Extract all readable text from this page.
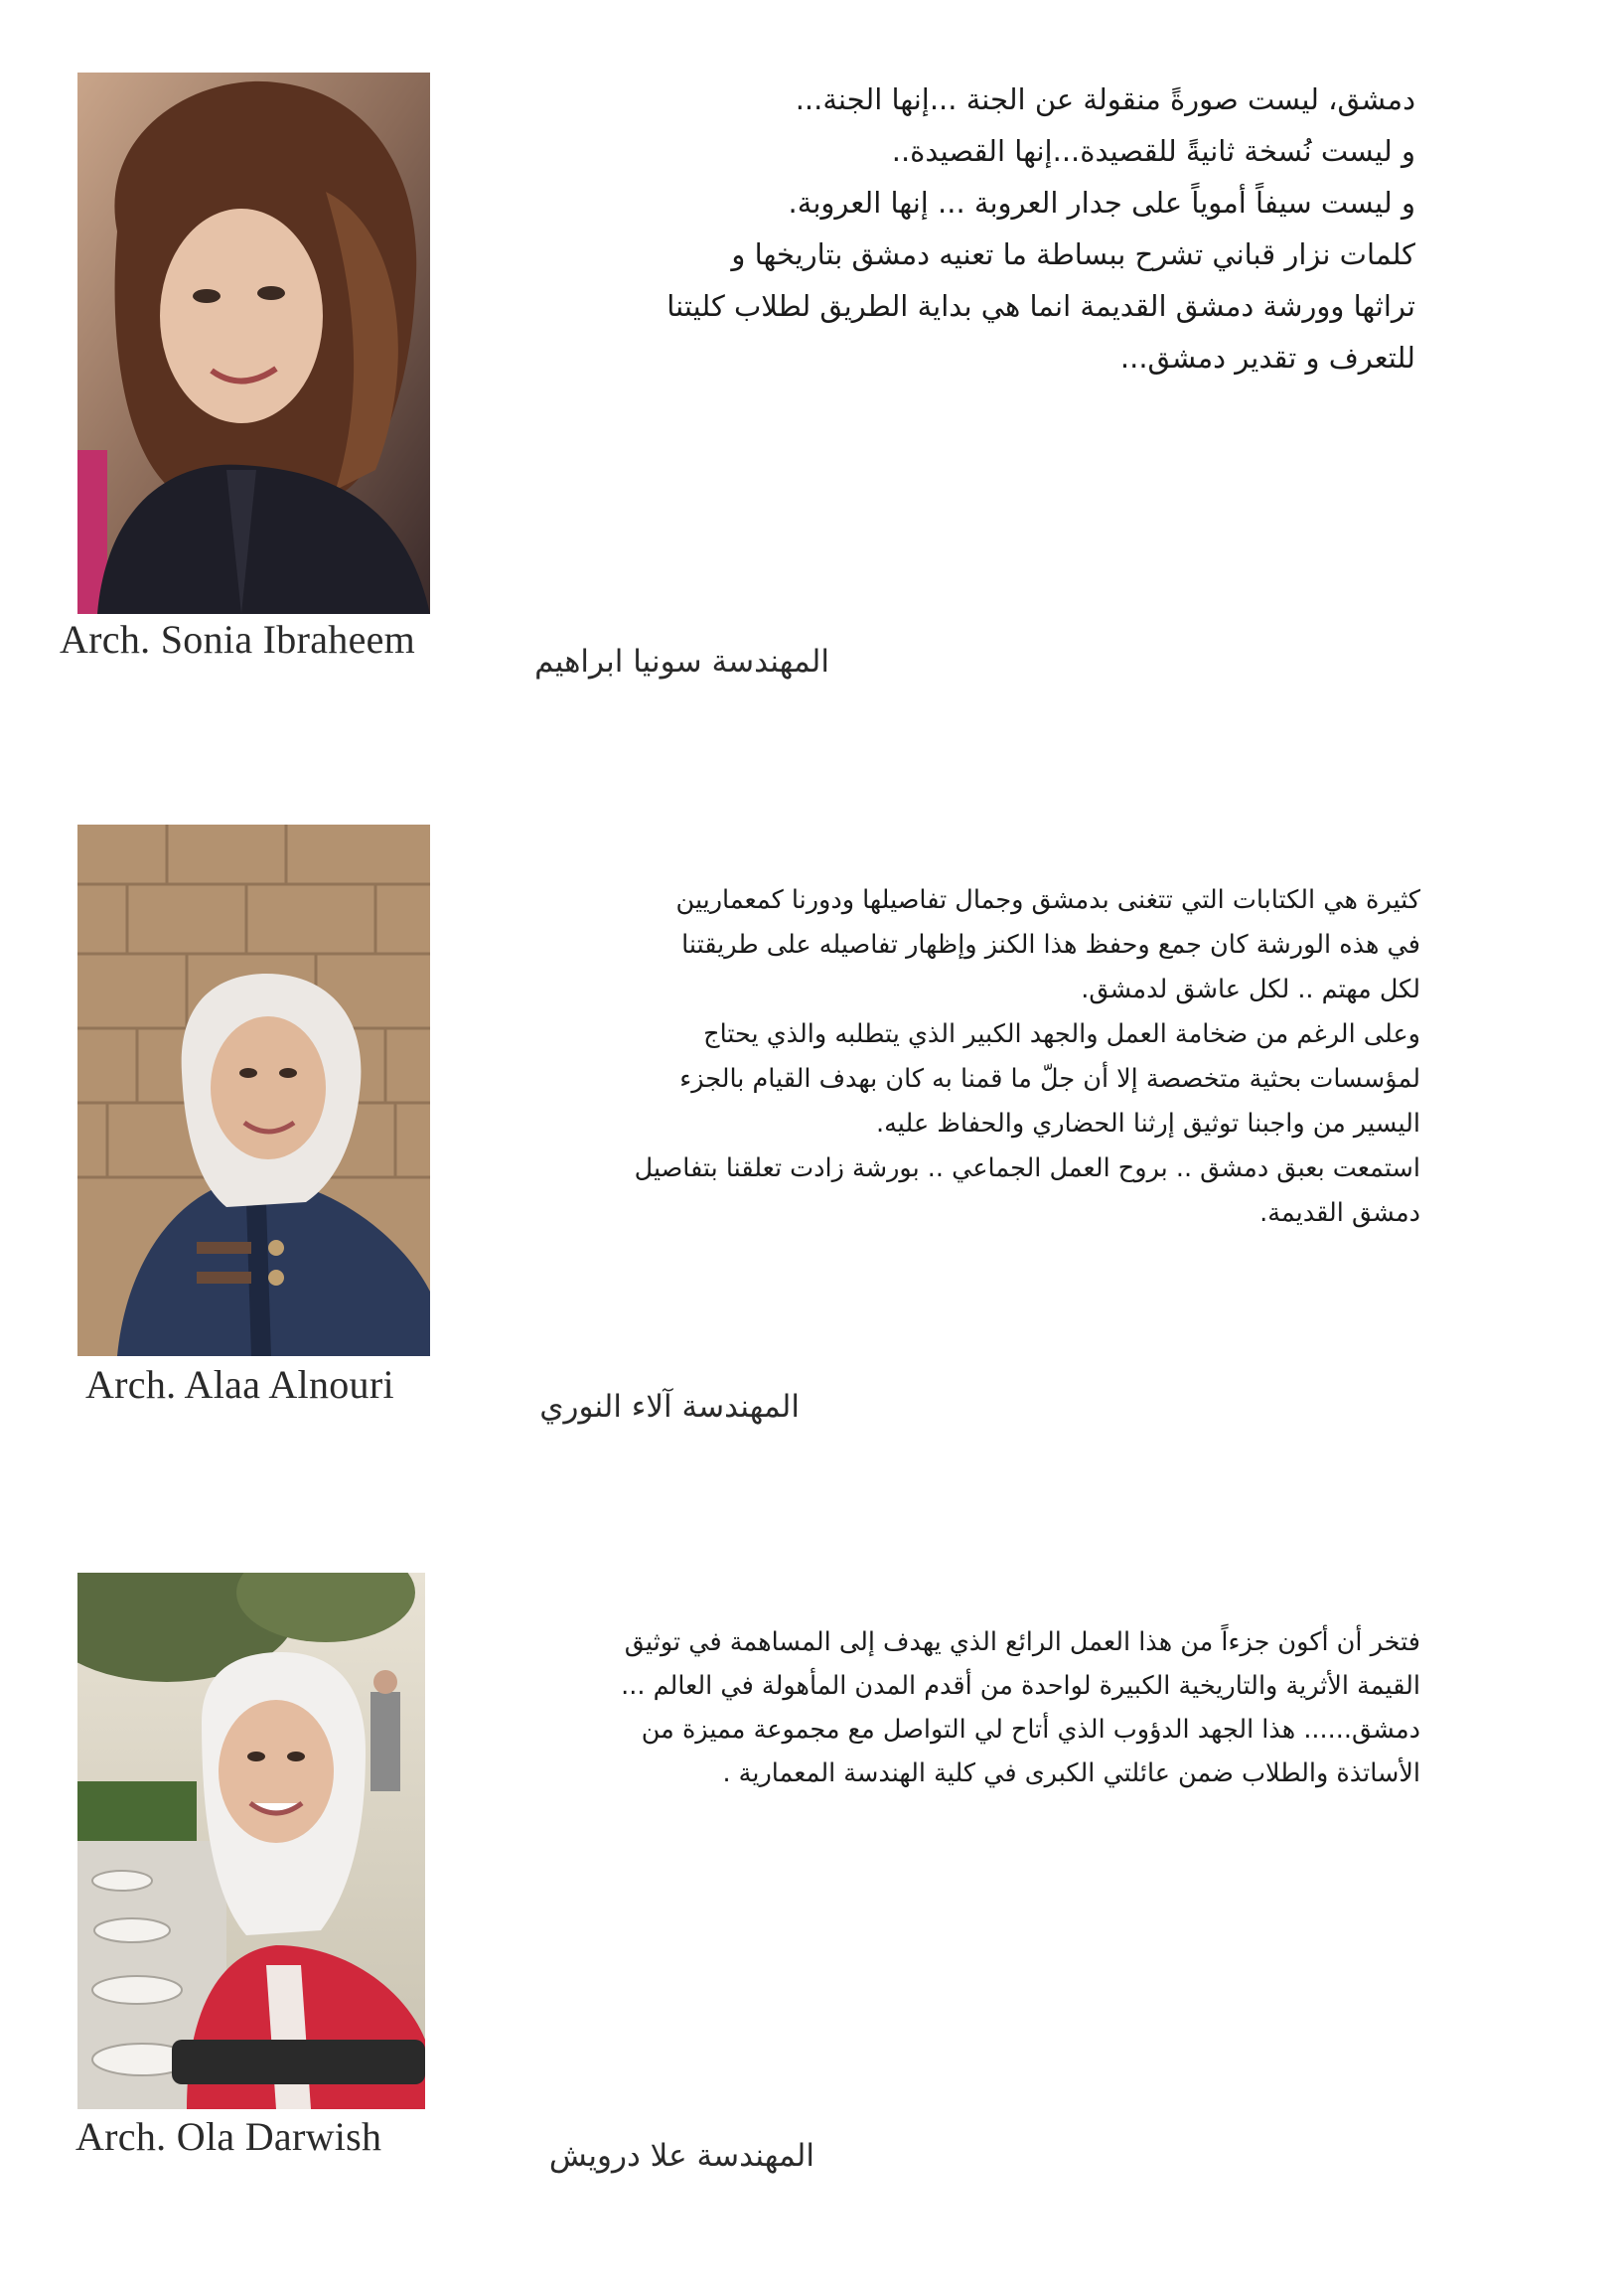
Arch. Sonia Ibraheem	المهندسة سونيا ابراهيم
دمشق، ليست صورةً منقولة عن الجنة ...إنها الجنة...
و ليست نُسخة ثانيةً للقصيدة...إنها القصيدة..
و ليست سيفاً أموياً على جدار العروبة ... إنها العروبة.
كلمات نزار قباني تشرح ببساطة ما تعنيه دمشق بتاريخها و
تراثها وورشة دمشق القديمة انما هي بداية الطريق لطلاب كليتنا
للتعرف و تقدير دمشق...
Arch. Alaa Alnouri	المهندسة آلاء النوري
كثيرة هي الكتابات التي تتغنى بدمشق وجمال تفاصيلها ودورنا كمعماريين
في هذه الورشة كان جمع وحفظ هذا الكنز وإظهار تفاصيله على طريقتنا
لكل مهتم .. لكل عاشق لدمشق.
وعلى الرغم من ضخامة العمل والجهد الكبير الذي يتطلبه والذي يحتاج
لمؤسسات بحثية متخصصة إلا أن جلّ ما قمنا به كان بهدف القيام بالجزء
اليسير من واجبنا توثيق إرثنا الحضاري والحفاظ عليه.
استمعت بعبق دمشق .. بروح العمل الجماعي .. بورشة زادت تعلقنا بتفاصيل
دمشق القديمة.
Arch. Ola Darwish	المهندسة علا درويش
فتخر أن أكون جزءاً من هذا العمل الرائع الذي يهدف إلى المساهمة في توثيق
القيمة الأثرية والتاريخية الكبيرة لواحدة من أقدم المدن المأهولة في العالم ...
دمشق...... هذا الجهد الدؤوب الذي أتاح لي التواصل مع مجموعة مميزة من
الأساتذة والطلاب ضمن عائلتي الكبرى في كلية الهندسة المعمارية .
